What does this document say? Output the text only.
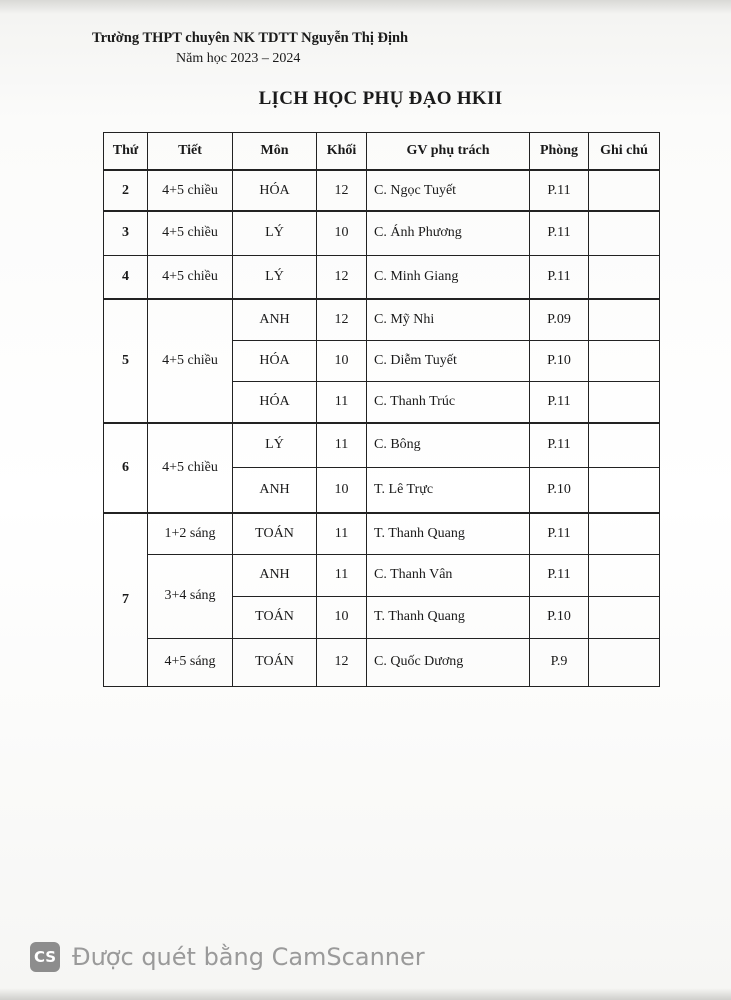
Trường THPT chuyên NK TDTT Nguyễn Thị Định
Năm học 2023 – 2024
LỊCH HỌC PHỤ ĐẠO HKII
Thứ	Tiết	Môn	Khối	GV phụ trách	Phòng	Ghi chú
2	4+5 chiều	HÓA	12	C. Ngọc Tuyết	P.11	
3	4+5 chiều	LÝ	10	C. Ánh Phương	P.11	
4	4+5 chiều	LÝ	12	C. Minh Giang	P.11	
5	4+5 chiều	ANH	12	C. Mỹ Nhi	P.09	
		HÓA	10	C. Diễm Tuyết	P.10	
		HÓA	11	C. Thanh Trúc	P.11	
6	4+5 chiều	LÝ	11	C. Bông	P.11	
		ANH	10	T. Lê Trực	P.10	
7	1+2 sáng	TOÁN	11	T. Thanh Quang	P.11	
	3+4 sáng	ANH	11	C. Thanh Vân	P.11	
		TOÁN	10	T. Thanh Quang	P.10	
	4+5 sáng	TOÁN	12	C. Quốc Dương	P.9	
CS Được quét bằng CamScanner
